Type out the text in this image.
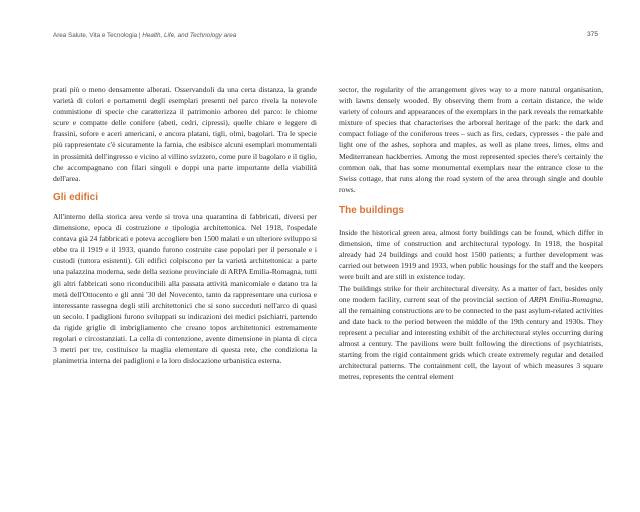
Area Salute, Vita e Tecnologia | Health, Life, and Technology area	375

prati più o meno densamente alberati. Osservandoli da una certa distanza, la grande varietà di colori e portamenti degli esemplari presenti nel parco rivela la notevole commistione di specie che caratterizza il patrimonio arboreo del parco: le chiome scure e compatte delle conifere (abeti, cedri, cipressi), quelle chiare e leggere di frassini, sofore e aceri americani, e ancora platani, tigli, olmi, bagolari. Tra le specie più rappresentate c'è sicuramente la farnia, che esibisce alcuni esemplari monumentali in prossimità dell'ingresso e vicino al villino svizzero, come pure il bagolaro e il tiglio, che accompagnano con filari singoli e doppi una parte importante della viabilità dell'area.

Gli edifici

All'interno della storica area verde si trova una quarantina di fabbricati, diversi per dimensione, epoca di costruzione e tipologia architettonica. Nel 1918, l'ospedale contava già 24 fabbricati e poteva accogliere ben 1500 malati e un ulteriore sviluppo si ebbe tra il 1919 e il 1933, quando furono costruite case popolari per il personale e i custodi (tuttora esistenti). Gli edifici colpiscono per la varietà architettonica: a parte una palazzina moderna, sede della sezione provinciale di ARPA Emilia-Romagna, tutti gli altri fabbricati sono riconducibili alla passata attività manicomiale e datano tra la metà dell'Ottocento e gli anni '30 del Novecento, tanto da rappresentare una curiosa e interessante rassegna degli stili architettonici che si sono succeduti nell'arco di quasi un secolo. I padiglioni furono sviluppati su indicazioni dei medici psichiatri, partendo da rigide griglie di imbrigliamento che creano topos architettonici estremamente regolari e circostanziati. La cella di contenzione, avente dimensione in pianta di circa 3 metri per tre, costituisce la maglia elementare di questa rete, che condiziona la planimetria interna dei padiglioni e la loro dislocazione urbanistica esterna.

sector, the regularity of the arrangement gives way to a more natural organisation, with lawns densely wooded. By observing them from a certain distance, the wide variety of colours and appearances of the exemplars in the park reveals the remarkable mixture of species that characterises the arboreal heritage of the park: the dark and compact foliage of the coniferous trees – such as firs, cedars, cypresses - the pale and light one of the ashes, sophora and maples, as well as plane trees, limes, elms and Mediterranean hackberries. Among the most represented species there's certainly the common oak, that has some monumental exemplars near the entrance close to the Swiss cottage, that runs along the road system of the area through single and double rows.

The buildings

Inside the historical green area, almost forty buildings can be found, which differ in dimension, time of construction and architectural typology. In 1918, the hospital already had 24 buildings and could host 1500 patients; a further development was carried out between 1919 and 1933, when public housings for the staff and the keepers were built and are still in existence today.

The buildings strike for their architectural diversity. As a matter of fact, besides only one modern facility, current seat of the provincial section of ARPA Emilia-Romagna, all the remaining constructions are to be connected to the past asylum-related activities and date back to the period between the middle of the 19th century and 1930s. They represent a peculiar and interesting exhibit of the architectural styles occurring during almost a century. The pavilions were built following the directions of psychiatrists, starting from the rigid containment grids which create extremely regular and detailed architectural patterns. The containment cell, the layout of which measures 3 square metres, represents the central element
